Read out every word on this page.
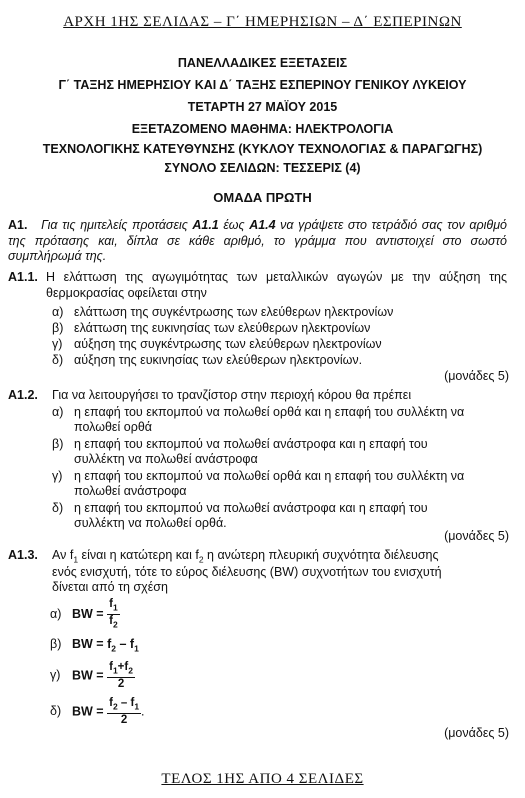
ΑΡΧΗ 1ΗΣ ΣΕΛΙΔΑΣ – Γ΄ ΗΜΕΡΗΣΙΩΝ – Δ΄ ΕΣΠΕΡΙΝΩΝ
ΠΑΝΕΛΛΑΔΙΚΕΣ ΕΞΕΤΑΣΕΙΣ
Γ΄ ΤΑΞΗΣ ΗΜΕΡΗΣΙΟΥ ΚΑΙ Δ΄ ΤΑΞΗΣ ΕΣΠΕΡΙΝΟΥ ΓΕΝΙΚΟΥ ΛΥΚΕΙΟΥ
ΤΕΤΑΡΤΗ 27 ΜΑΪΟΥ 2015
ΕΞΕΤΑΖΟΜΕΝΟ ΜΑΘΗΜΑ: ΗΛΕΚΤΡΟΛΟΓΙΑ
ΤΕΧΝΟΛΟΓΙΚΗΣ ΚΑΤΕΥΘΥΝΣΗΣ (ΚΥΚΛΟΥ ΤΕΧΝΟΛΟΓΙΑΣ & ΠΑΡΑΓΩΓΗΣ)
ΣΥΝΟΛΟ ΣΕΛΙΔΩΝ: ΤΕΣΣΕΡΙΣ (4)
ΟΜΑΔΑ ΠΡΩΤΗ
Α1. Για τις ημιτελείς προτάσεις Α1.1 έως Α1.4 να γράψετε στο τετράδιό σας τον αριθμό της πρότασης και, δίπλα σε κάθε αριθμό, το γράμμα που αντιστοιχεί στο σωστό συμπλήρωμά της.
Α1.1. Η ελάττωση της αγωγιμότητας των μεταλλικών αγωγών με την αύξηση της θερμοκρασίας οφείλεται στην
α) ελάττωση της συγκέντρωσης των ελεύθερων ηλεκτρονίων
β) ελάττωση της ευκινησίας των ελεύθερων ηλεκτρονίων
γ) αύξηση της συγκέντρωσης των ελεύθερων ηλεκτρονίων
δ) αύξηση της ευκινησίας των ελεύθερων ηλεκτρονίων.
(μονάδες 5)
Α1.2.	Για να λειτουργήσει το τρανζίστορ στην περιοχή κόρου θα πρέπει
α) η επαφή του εκπομπού να πολωθεί ορθά και η επαφή του συλλέκτη να
πολωθεί ορθά
β) η επαφή του εκπομπού να πολωθεί ανάστροφα και η επαφή του
συλλέκτη να πολωθεί ανάστροφα
γ) η επαφή του εκπομπού να πολωθεί ορθά και η επαφή του συλλέκτη να
πολωθεί ανάστροφα
δ) η επαφή του εκπομπού να πολωθεί ανάστροφα και η επαφή του
συλλέκτη να πολωθεί ορθά.
(μονάδες 5)
Α1.3.	Αν $f_1$ είναι η κατώτερη και $f_2$ η ανώτερη πλευρική συχνότητα διέλευσης
ενός ενισχυτή, τότε το εύρος διέλευσης (BW) συχνοτήτων του ενισχυτή
δίνεται από τη σχέση
α) BW = $\frac{f_1}{f_2}$
β) BW = $f_2 - f_1$
γ) BW = $\frac{f_1+f_2}{2}$
δ) BW = $\frac{f_2 - f_1}{2}$ .
(μονάδες 5)
ΤΕΛΟΣ 1ΗΣ ΑΠΟ 4 ΣΕΛΙΔΕΣ
